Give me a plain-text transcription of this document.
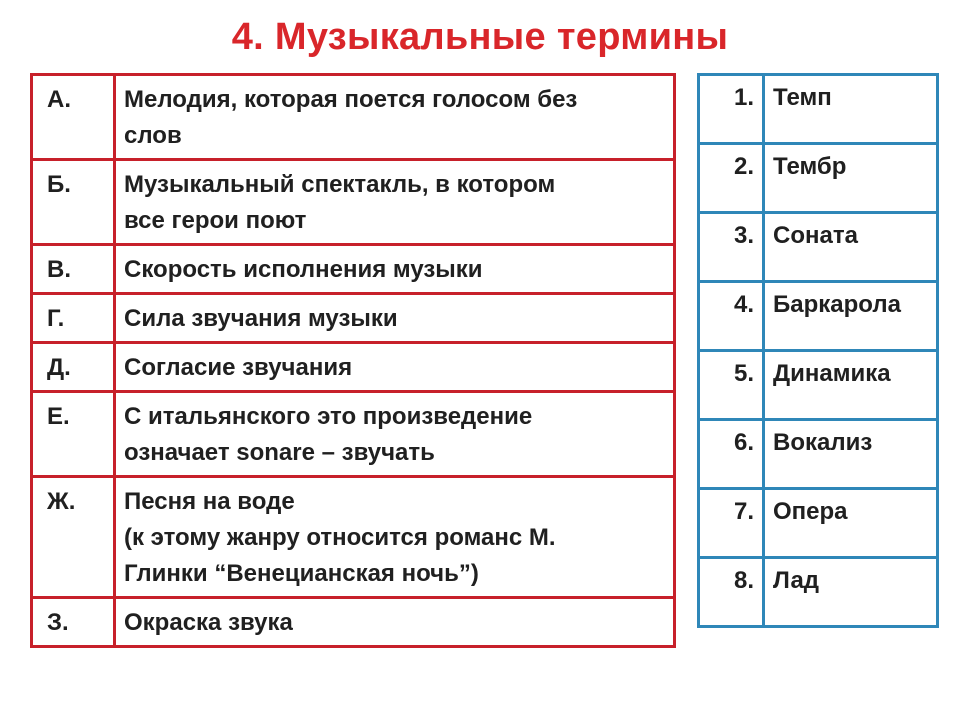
4. Музыкальные термины
А.	Мелодия, которая поется голосом без
слов

Б.	Музыкальный спектакль, в котором
все герои поют

В.	Скорость исполнения музыки

Г.	Сила звучания музыки

Д.	Согласие звучания

Е.	С итальянского это произведение
означает sonare – звучать

Ж.	Песня на воде
(к этому жанру относится романс М.
Глинки “Венецианская ночь”)

З.	Окраска звука
1.	Темп
2.	Тембр
3.	Соната
4.	Баркарола
5.	Динамика
6.	Вокализ
7.	Опера
8.	Лад
